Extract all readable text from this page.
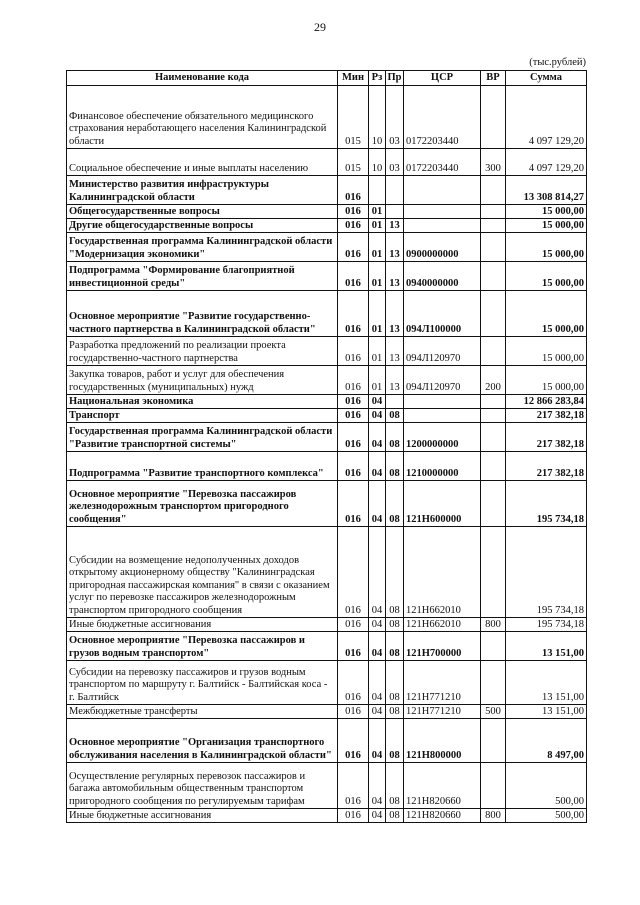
29
(тыс.рублей)
Наименование кода	Мин	Рз	Пр	ЦСР	ВР	Сумма
Финансовое обеспечение обязательного медицинского страхования неработающего населения Калининградской области	015	10	03	0172203440		4 097 129,20
Социальное обеспечение и иные выплаты населению	015	10	03	0172203440	300	4 097 129,20
Министерство развития инфраструктуры Калининградской области	016					13 308 814,27
Общегосударственные вопросы	016	01				15 000,00
Другие общегосударственные вопросы	016	01	13			15 000,00
Государственная программа Калининградской области "Модернизация экономики"	016	01	13	0900000000		15 000,00
Подпрограмма "Формирование благоприятной инвестиционной среды"	016	01	13	0940000000		15 000,00
Основное мероприятие "Развитие государственно-частного партнерства в Калининградской области"	016	01	13	094Л100000		15 000,00
Разработка предложений по реализации проекта государственно-частного партнерства	016	01	13	094Л120970		15 000,00
Закупка товаров, работ и услуг для обеспечения государственных (муниципальных) нужд	016	01	13	094Л120970	200	15 000,00
Национальная экономика	016	04				12 866 283,84
Транспорт	016	04	08			217 382,18
Государственная программа Калининградской области "Развитие транспортной системы"	016	04	08	1200000000		217 382,18
Подпрограмма "Развитие транспортного комплекса"	016	04	08	1210000000		217 382,18
Основное мероприятие "Перевозка пассажиров железнодорожным транспортом пригородного сообщения"	016	04	08	121Н600000		195 734,18
Субсидии на возмещение недополученных доходов открытому акционерному обществу "Калининградская пригородная пассажирская компания" в связи с оказанием услуг по перевозке пассажиров железнодорожным транспортом пригородного сообщения	016	04	08	121Н662010		195 734,18
Иные бюджетные ассигнования	016	04	08	121Н662010	800	195 734,18
Основное мероприятие "Перевозка пассажиров и грузов водным транспортом"	016	04	08	121Н700000		13 151,00
Субсидии на перевозку пассажиров и грузов водным транспортом по маршруту г. Балтийск - Балтийская коса - г. Балтийск	016	04	08	121Н771210		13 151,00
Межбюджетные трансферты	016	04	08	121Н771210	500	13 151,00
Основное мероприятие "Организация транспортного обслуживания населения в Калининградской области"	016	04	08	121Н800000		8 497,00
Осуществление регулярных перевозок пассажиров и багажа автомобильным общественным транспортом пригородного сообщения по регулируемым тарифам	016	04	08	121Н820660		500,00
Иные бюджетные ассигнования	016	04	08	121Н820660	800	500,00
